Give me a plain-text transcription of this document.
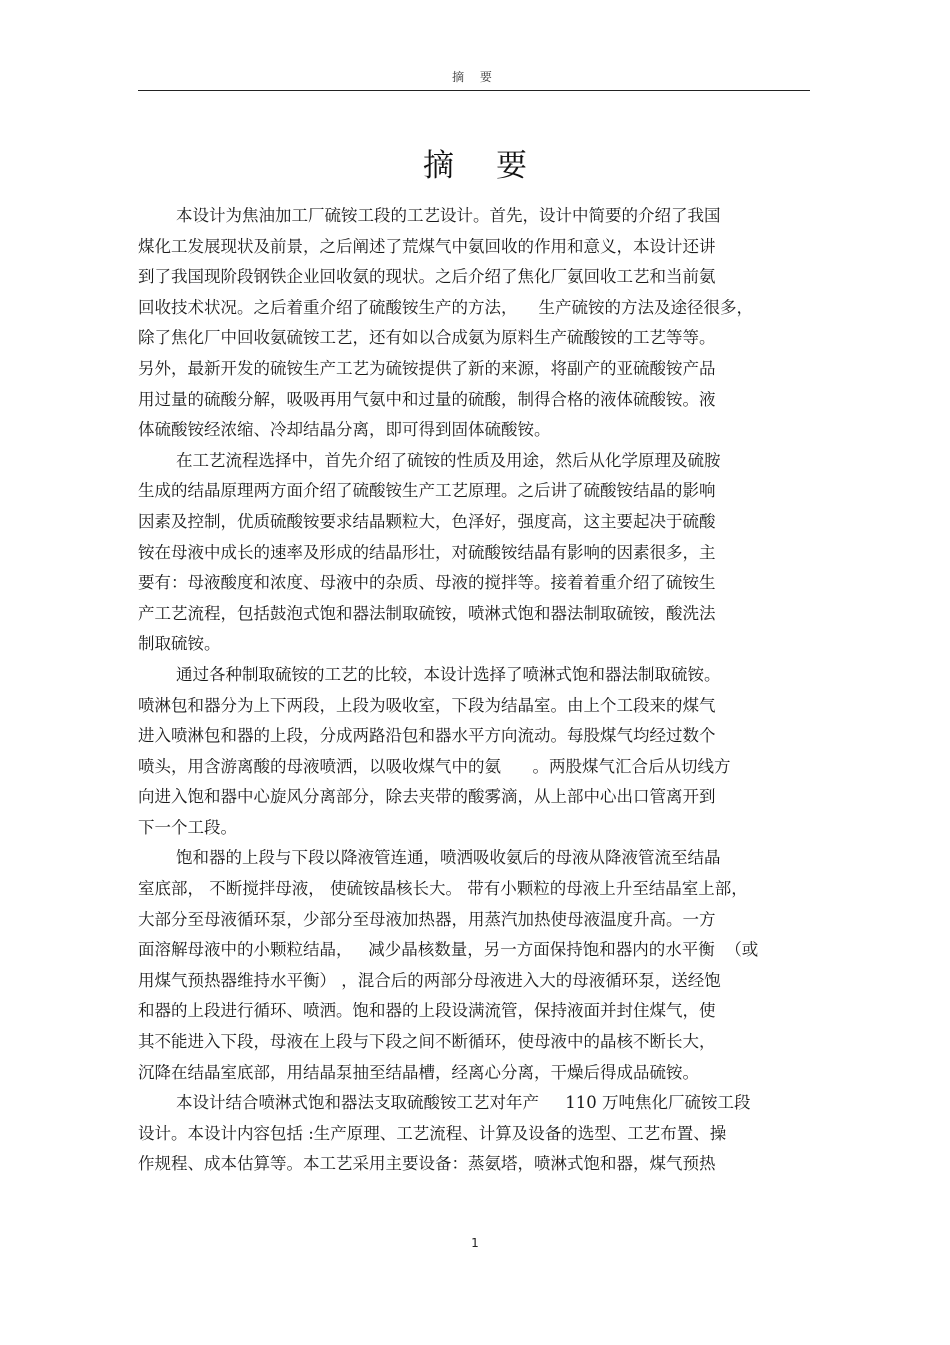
摘 要
摘要
本设计为焦油加工厂硫铵工段的工艺设计。首先，设计中简要的介绍了我国
煤化工发展现状及前景，之后阐述了荒煤气中氨回收的作用和意义，本设计还讲
到了我国现阶段钢铁企业回收氨的现状。之后介绍了焦化厂氨回收工艺和当前氨
回收技术状况。之后着重介绍了硫酸铵生产的方法，    生产硫铵的方法及途径很多，
除了焦化厂中回收氨硫铵工艺，还有如以合成氨为原料生产硫酸铵的工艺等等。
另外，最新开发的硫铵生产工艺为硫铵提供了新的来源，将副产的亚硫酸铵产品
用过量的硫酸分解，吸吸再用气氨中和过量的硫酸，制得合格的液体硫酸铵。液
体硫酸铵经浓缩、冷却结晶分离，即可得到固体硫酸铵。
在工艺流程选择中，首先介绍了硫铵的性质及用途，然后从化学原理及硫胺
生成的结晶原理两方面介绍了硫酸铵生产工艺原理。之后讲了硫酸铵结晶的影响
因素及控制，优质硫酸铵要求结晶颗粒大，色泽好，强度高，这主要起决于硫酸
铵在母液中成长的速率及形成的结晶形壮，对硫酸铵结晶有影响的因素很多，主
要有：母液酸度和浓度、母液中的杂质、母液的搅拌等。接着着重介绍了硫铵生
产工艺流程，包括鼓泡式饱和器法制取硫铵，喷淋式饱和器法制取硫铵，酸洗法
制取硫铵。
通过各种制取硫铵的工艺的比较，本设计选择了喷淋式饱和器法制取硫铵。
喷淋包和器分为上下两段，上段为吸收室，下段为结晶室。由上个工段来的煤气
进入喷淋包和器的上段，分成两路沿包和器水平方向流动。每股煤气均经过数个
喷头，用含游离酸的母液喷洒，以吸收煤气中的氨      。两股煤气汇合后从切线方
向进入饱和器中心旋风分离部分，除去夹带的酸雾滴，从上部中心出口管离开到
下一个工段。
饱和器的上段与下段以降液管连通，喷洒吸收氨后的母液从降液管流至结晶
室底部， 不断搅拌母液， 使硫铵晶核长大。 带有小颗粒的母液上升至结晶室上部，
大部分至母液循环泵，少部分至母液加热器，用蒸汽加热使母液温度升高。一方
面溶解母液中的小颗粒结晶，   减少晶核数量，另一方面保持饱和器内的水平衡  （或
用煤气预热器维持水平衡） ，混合后的两部分母液进入大的母液循环泵，送经饱
和器的上段进行循环、喷洒。饱和器的上段设满流管，保持液面并封住煤气，使
其不能进入下段，母液在上段与下段之间不断循环，使母液中的晶核不断长大，
沉降在结晶室底部，用结晶泵抽至结晶槽，经离心分离，干燥后得成品硫铵。
本设计结合喷淋式饱和器法支取硫酸铵工艺对年产     110 万吨焦化厂硫铵工段
设计。本设计内容包括 :生产原理、工艺流程、计算及设备的选型、工艺布置、操
作规程、成本估算等。本工艺采用主要设备：蒸氨塔，喷淋式饱和器，煤气预热
1
